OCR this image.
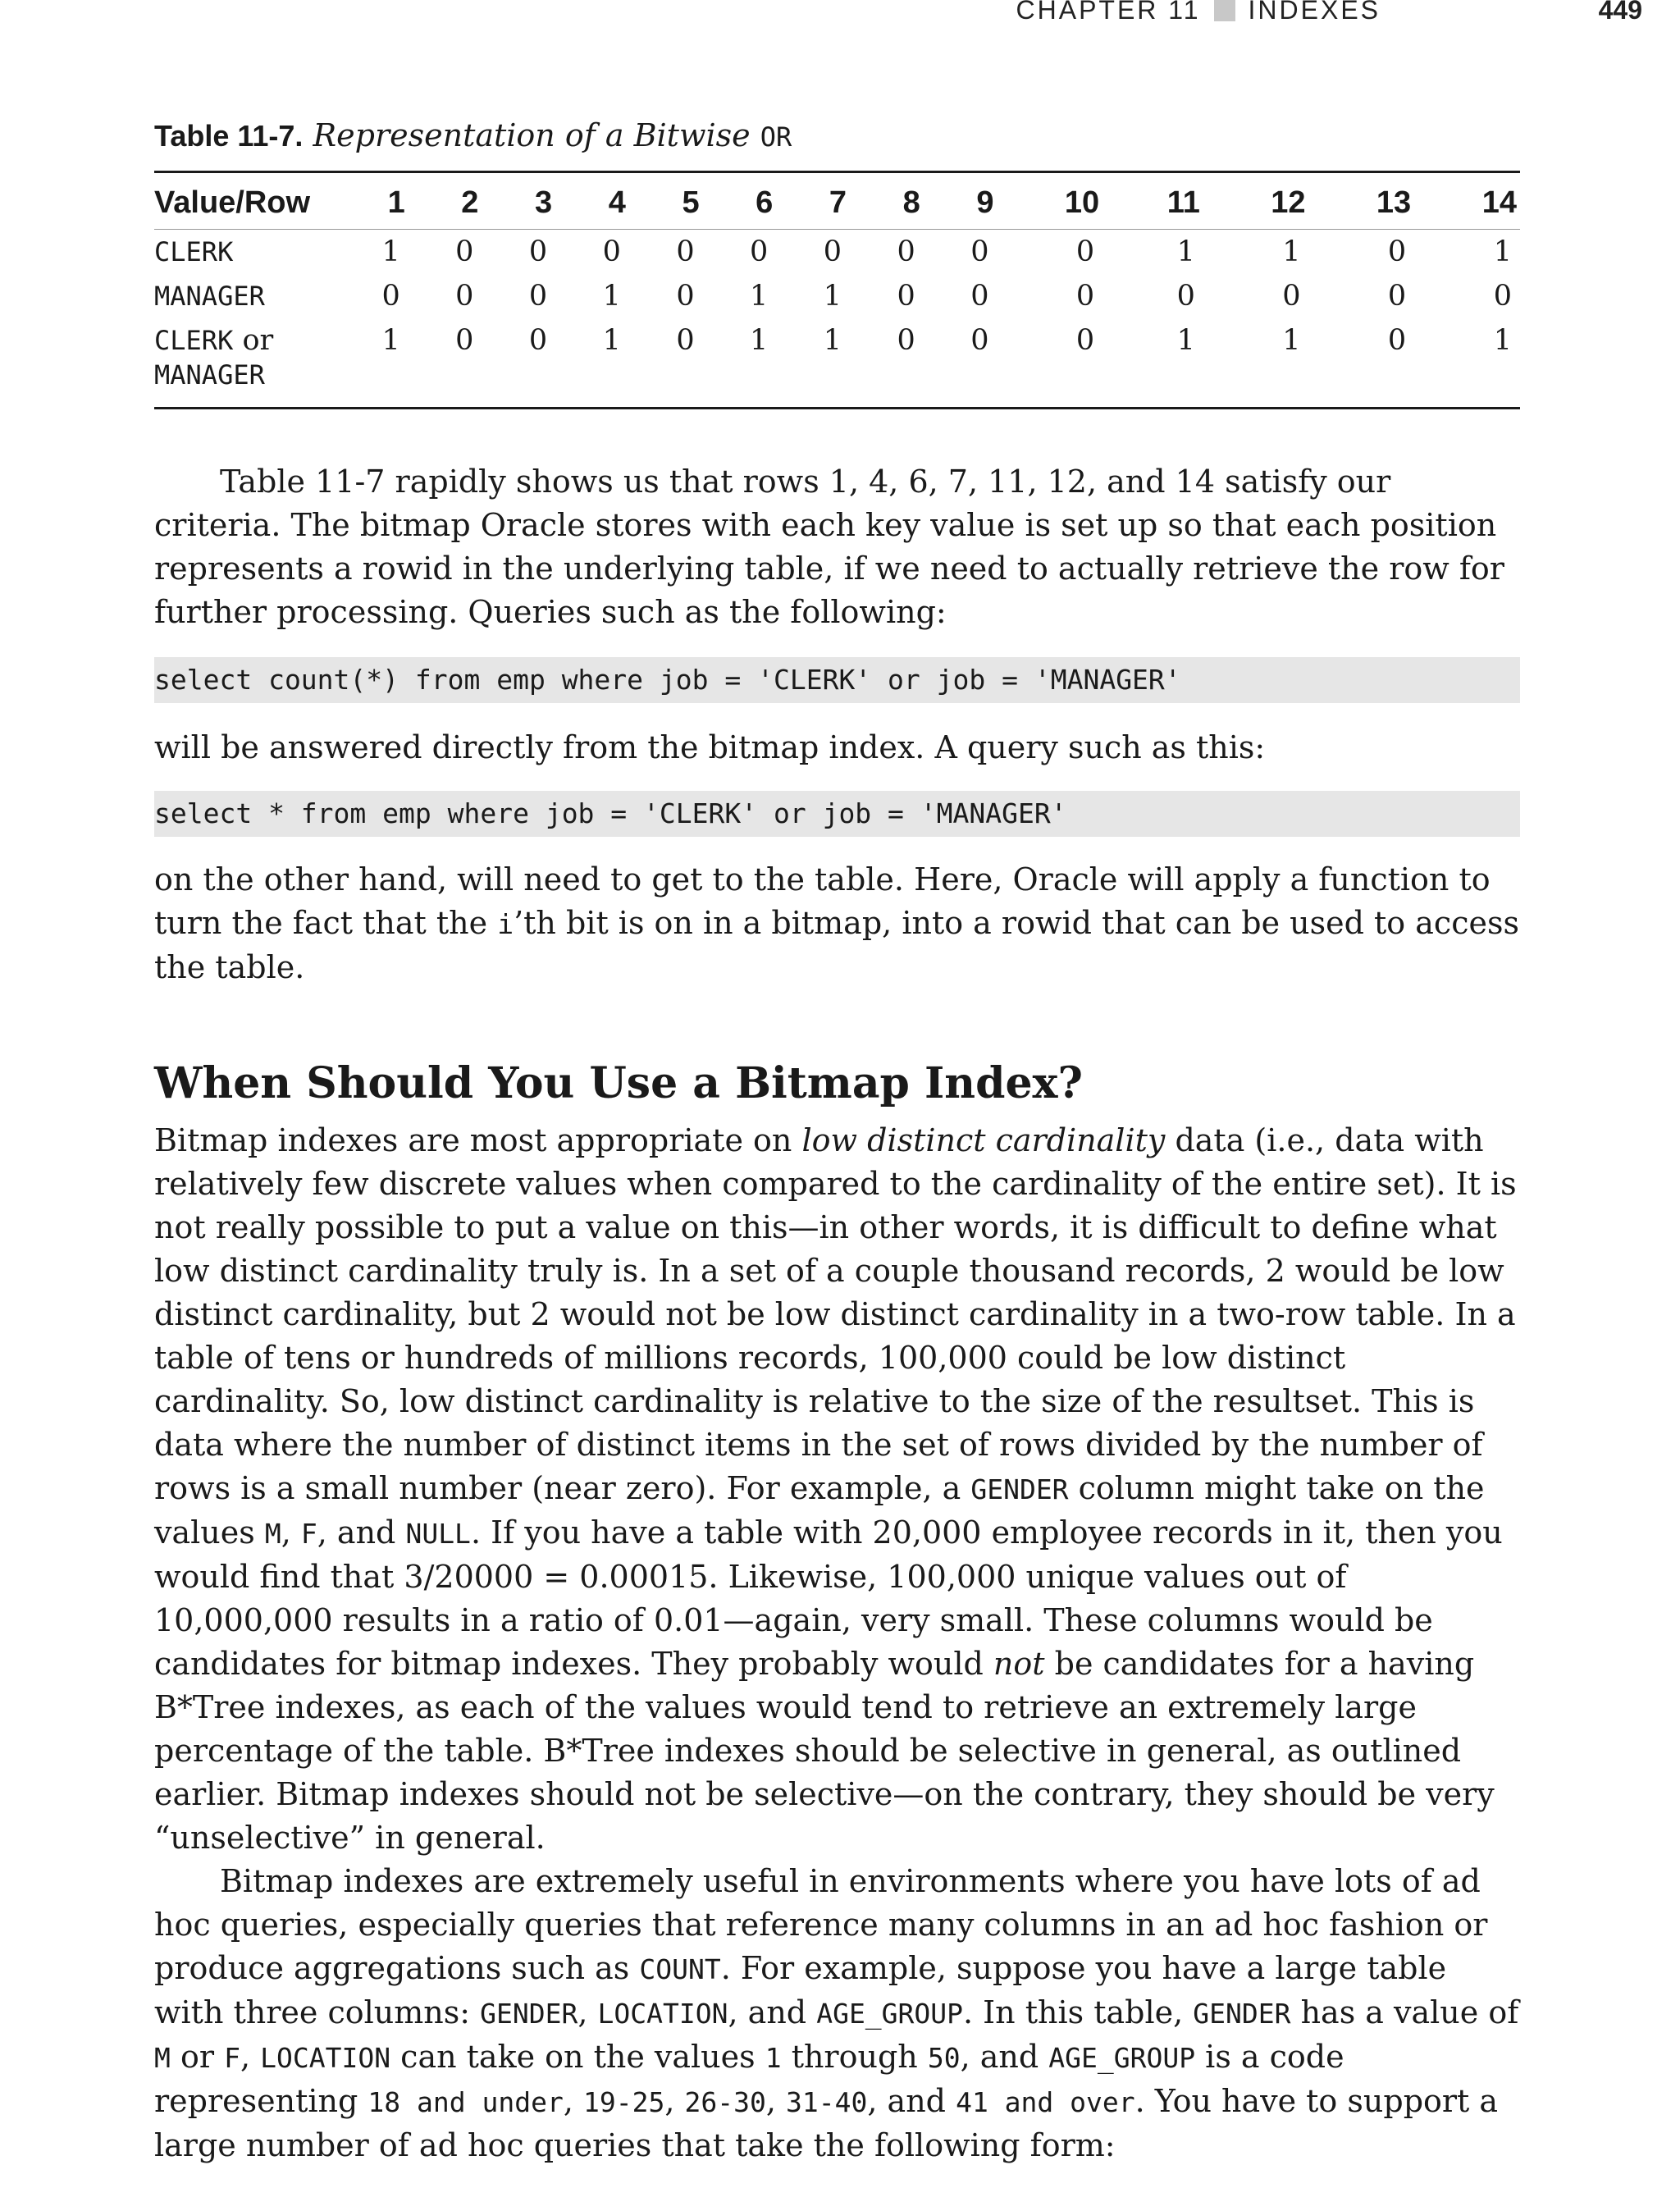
CHAPTER 11 INDEXES	449
Table 11-7. Representation of a Bitwise OR
Value/Row	1	2	3	4	5	6	7	8	9	10	11	12	13	14
CLERK	1	0	0	0	0	0	0	0	0	0	1	1	0	1
MANAGER	0	0	0	1	0	1	1	0	0	0	0	0	0	0
CLERK or
MANAGER	1	0	0	1	0	1	1	0	0	0	1	1	0	1

Table 11-7 rapidly shows us that rows 1, 4, 6, 7, 11, 12, and 14 satisfy our criteria. The bitmap Oracle stores with each key value is set up so that each position represents a rowid in the underlying table, if we need to actually retrieve the row for further processing. Queries such as the following:

select count(*) from emp where job = 'CLERK' or job = 'MANAGER'

will be answered directly from the bitmap index. A query such as this:

select * from emp where job = 'CLERK' or job = 'MANAGER'

on the other hand, will need to get to the table. Here, Oracle will apply a function to turn the fact that the i’th bit is on in a bitmap, into a rowid that can be used to access the table.

When Should You Use a Bitmap Index?

Bitmap indexes are most appropriate on low distinct cardinality data (i.e., data with relatively few discrete values when compared to the cardinality of the entire set). It is not really possible to put a value on this—in other words, it is difficult to define what low distinct cardinality truly is. In a set of a couple thousand records, 2 would be low distinct cardinality, but 2 would not be low distinct cardinality in a two-row table. In a table of tens or hundreds of millions records, 100,000 could be low distinct cardinality. So, low distinct cardinality is relative to the size of the resultset. This is data where the number of distinct items in the set of rows divided by the number of rows is a small number (near zero). For example, a GENDER column might take on the values M, F, and NULL. If you have a table with 20,000 employee records in it, then you would find that 3/20000 = 0.00015. Likewise, 100,000 unique values out of 10,000,000 results in a ratio of 0.01—again, very small. These columns would be candidates for bitmap indexes. They probably would not be candidates for a having B*Tree indexes, as each of the values would tend to retrieve an extremely large percentage of the table. B*Tree indexes should be selective in general, as outlined earlier. Bitmap indexes should not be selective—on the contrary, they should be very “unselective” in general.

Bitmap indexes are extremely useful in environments where you have lots of ad hoc queries, especially queries that reference many columns in an ad hoc fashion or produce aggregations such as COUNT. For example, suppose you have a large table with three columns: GENDER, LOCATION, and AGE_GROUP. In this table, GENDER has a value of M or F, LOCATION can take on the values 1 through 50, and AGE_GROUP is a code representing 18 and under, 19-25, 26-30, 31-40, and 41 and over. You have to support a large number of ad hoc queries that take the following form:
